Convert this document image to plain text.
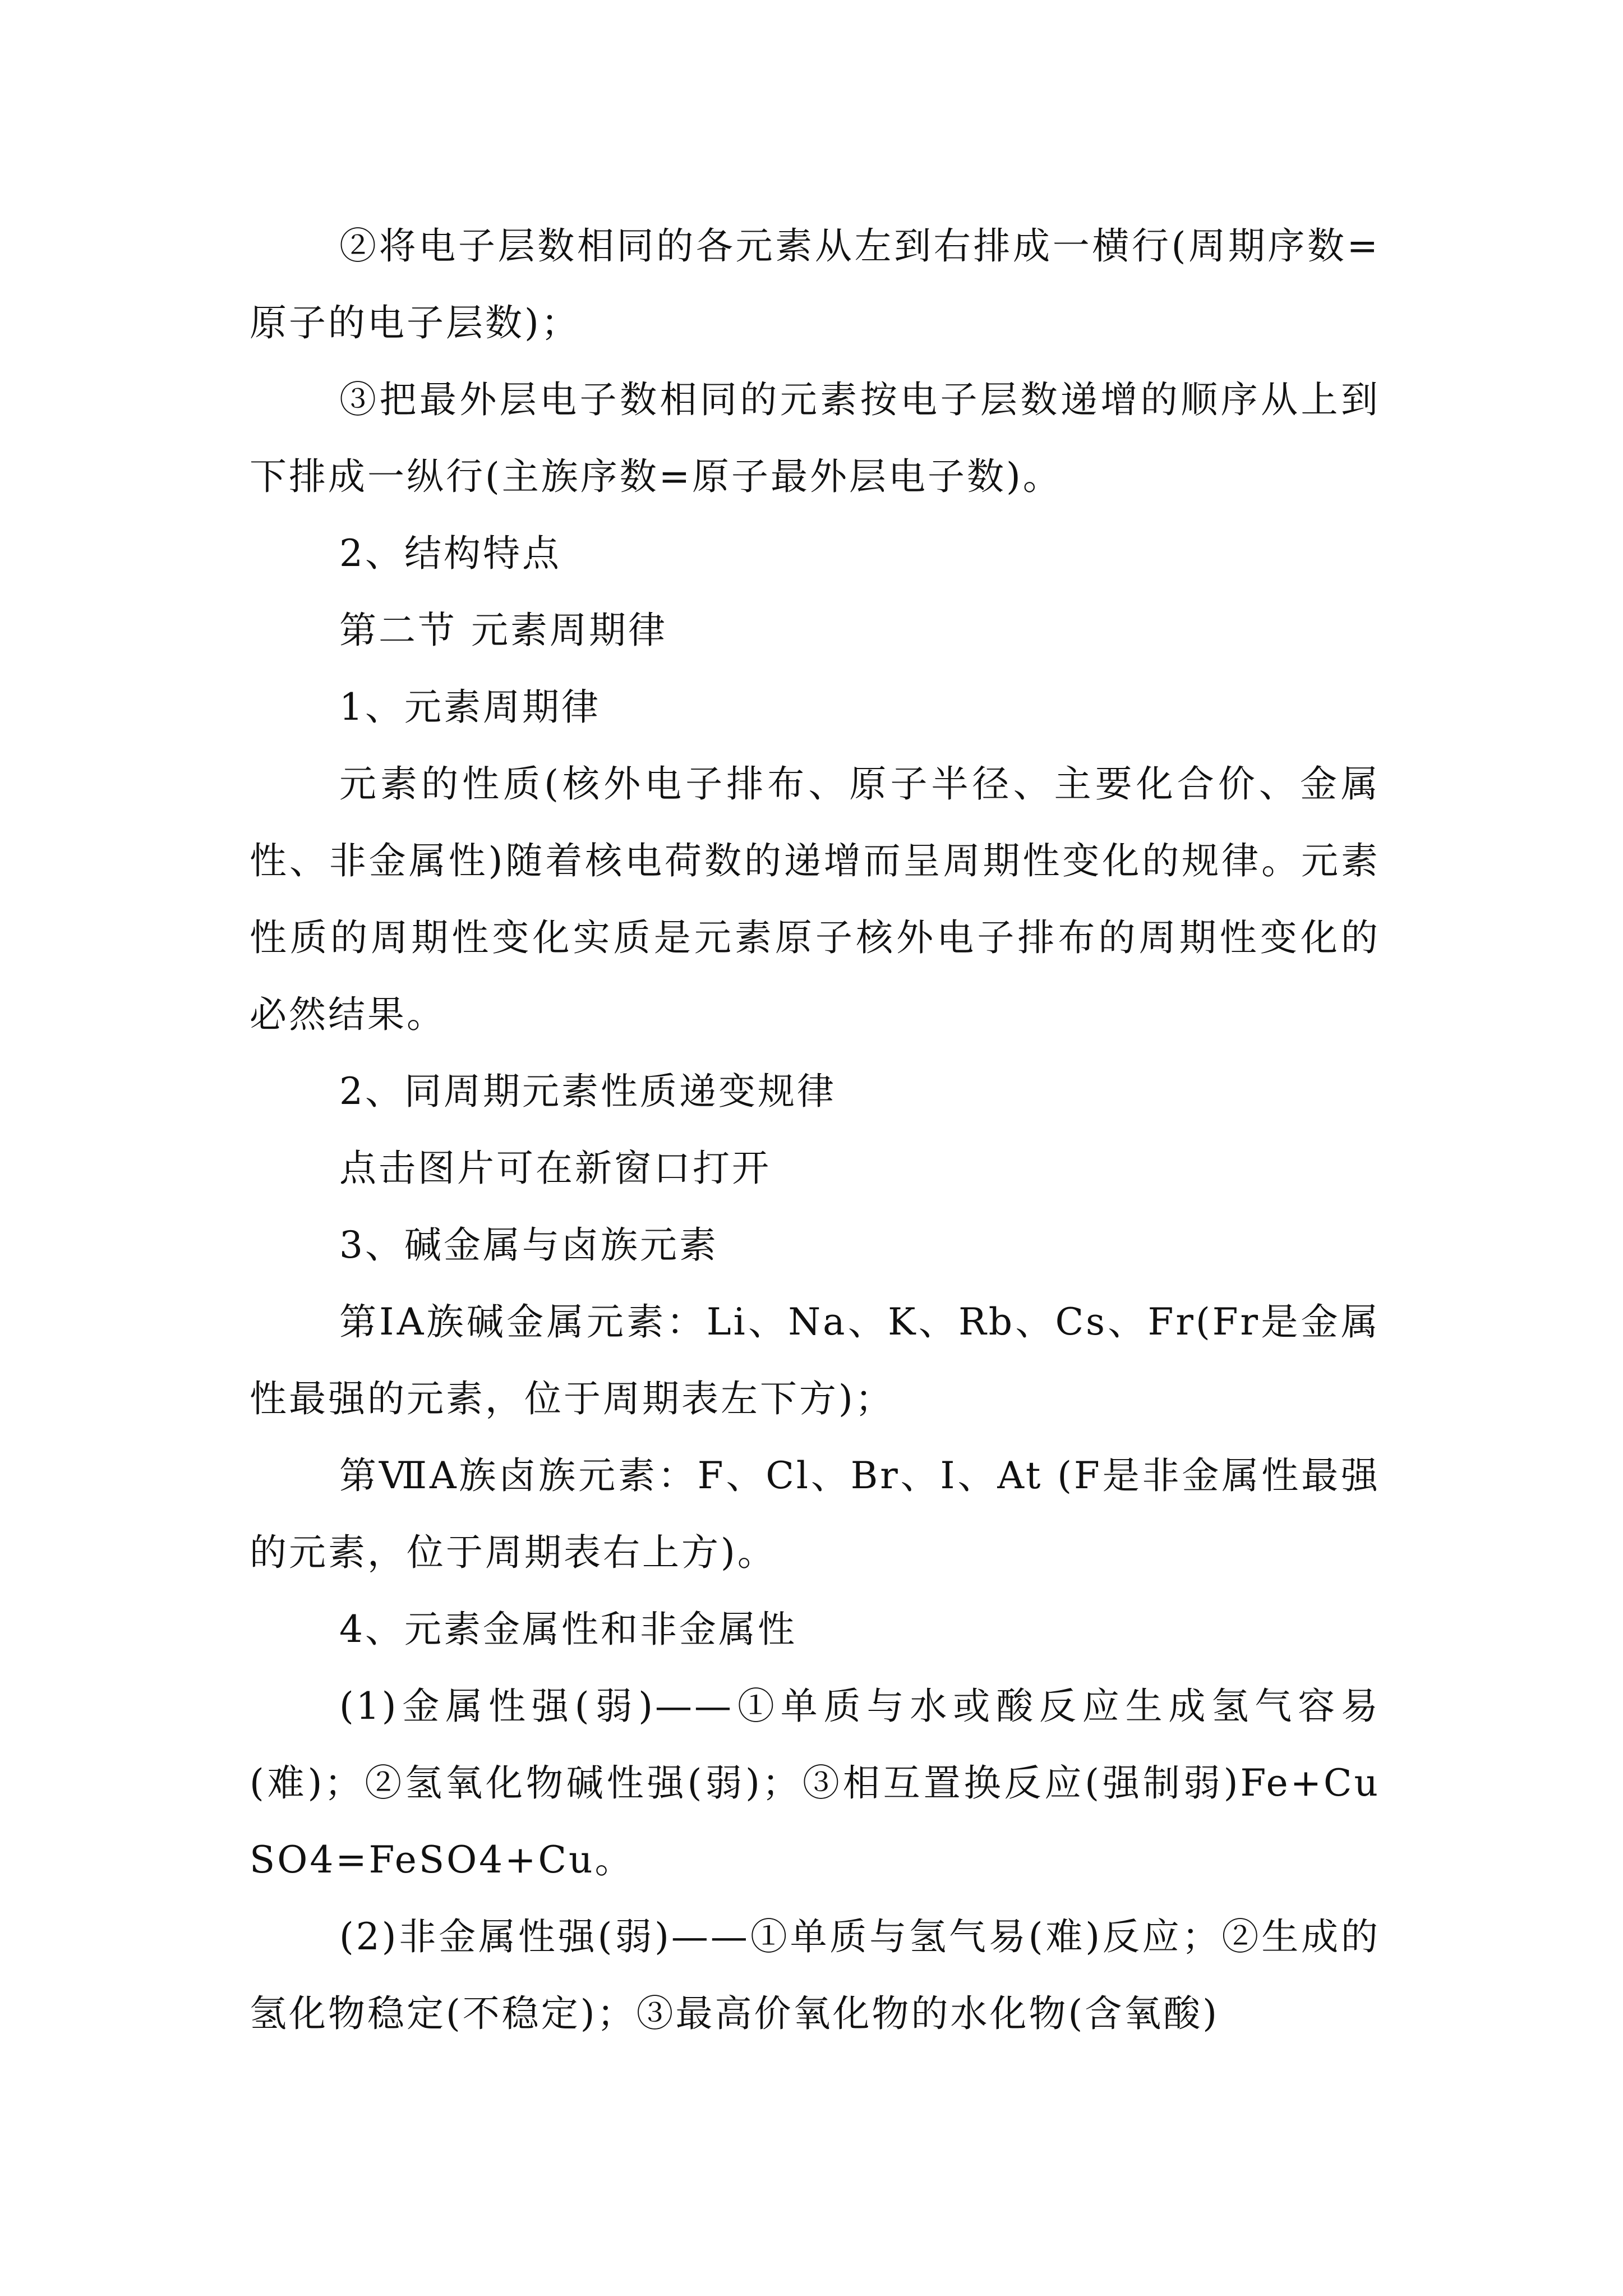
②将电子层数相同的各元素从左到右排成一横行(周期序数=原子的电子层数)；

③把最外层电子数相同的元素按电子层数递增的顺序从上到下排成一纵行(主族序数=原子最外层电子数)。

2、结构特点

第二节 元素周期律

1、元素周期律

元素的性质(核外电子排布、原子半径、主要化合价、金属性、非金属性)随着核电荷数的递增而呈周期性变化的规律。元素性质的周期性变化实质是元素原子核外电子排布的周期性变化的必然结果。

2、同周期元素性质递变规律

点击图片可在新窗口打开

3、碱金属与卤族元素

第ⅠA族碱金属元素：Li、Na、K、Rb、Cs、Fr(Fr是金属性最强的元素，位于周期表左下方)；

第ⅦA族卤族元素：F、Cl、Br、I、At (F是非金属性最强的元素，位于周期表右上方)。

4、元素金属性和非金属性

(1)金属性强(弱)——①单质与水或酸反应生成氢气容易(难)；②氢氧化物碱性强(弱)；③相互置换反应(强制弱)Fe+CuSO4=FeSO4+Cu。

(2)非金属性强(弱)——①单质与氢气易(难)反应；②生成的氢化物稳定(不稳定)；③最高价氧化物的水化物(含氧酸)
